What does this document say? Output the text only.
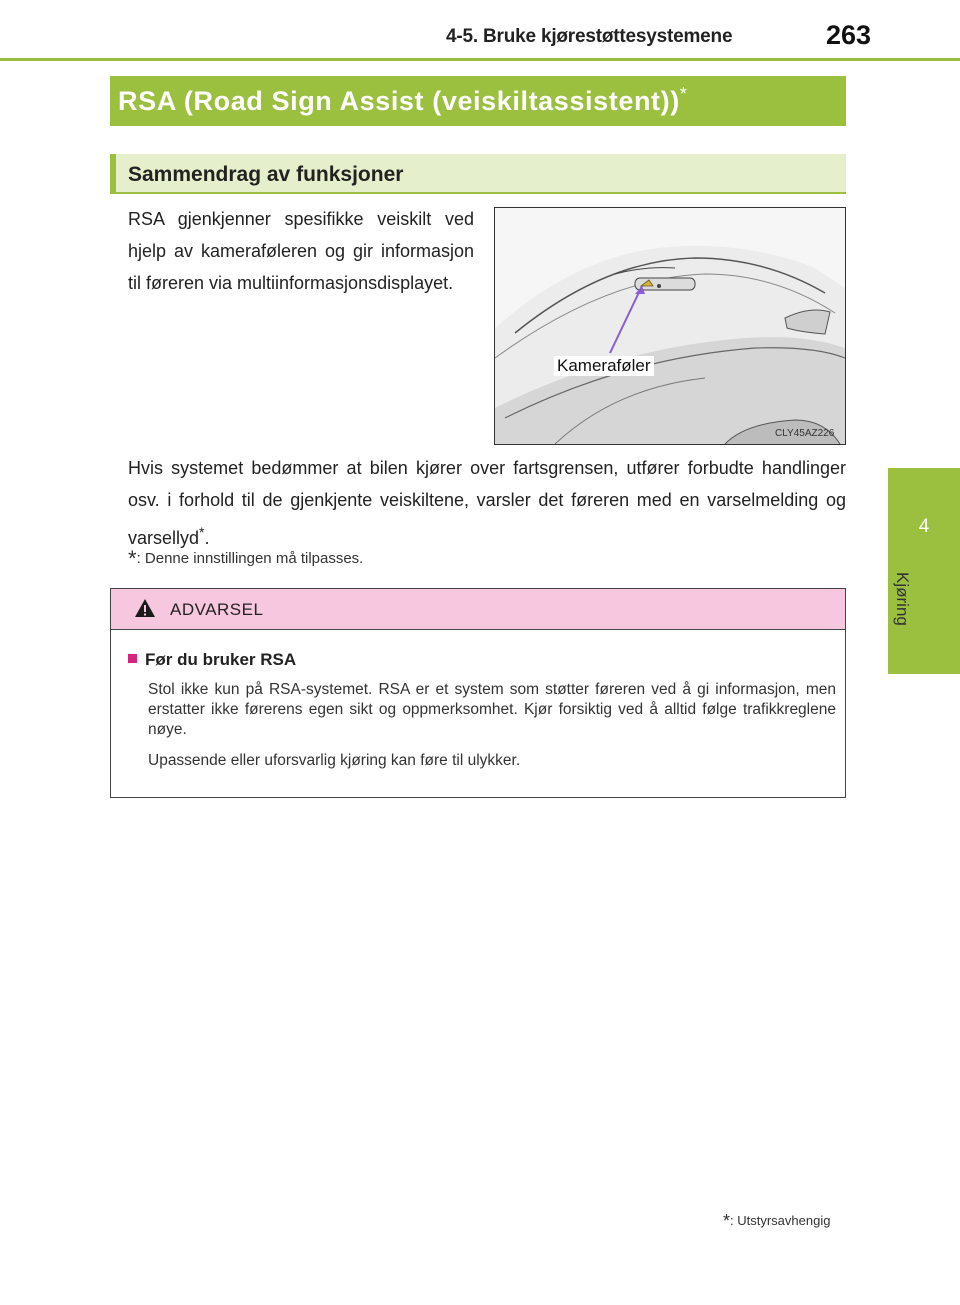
4-5. Bruke kjørestøttesystemene	263
4
Kjøring
RSA (Road Sign Assist (veiskiltassistent))*
Sammendrag av funksjoner
RSA gjenkjenner spesifikke veiskilt ved hjelp av kameraføleren og gir informasjon til føreren via multiinformasjonsdisplayet.
Kameraføler
CLY45AZ226
Hvis systemet bedømmer at bilen kjører over fartsgrensen, utfører forbudte handlinger osv. i forhold til de gjenkjente veiskiltene, varsler det føreren med en varselmelding og varsellyd*.
*: Denne innstillingen må tilpasses.
ADVARSEL
Før du bruker RSA
Stol ikke kun på RSA-systemet. RSA er et system som støtter føreren ved å gi informasjon, men erstatter ikke førerens egen sikt og oppmerksomhet. Kjør forsiktig ved å alltid følge trafikkreglene nøye.
Upassende eller uforsvarlig kjøring kan føre til ulykker.
*: Utstyrsavhengig
